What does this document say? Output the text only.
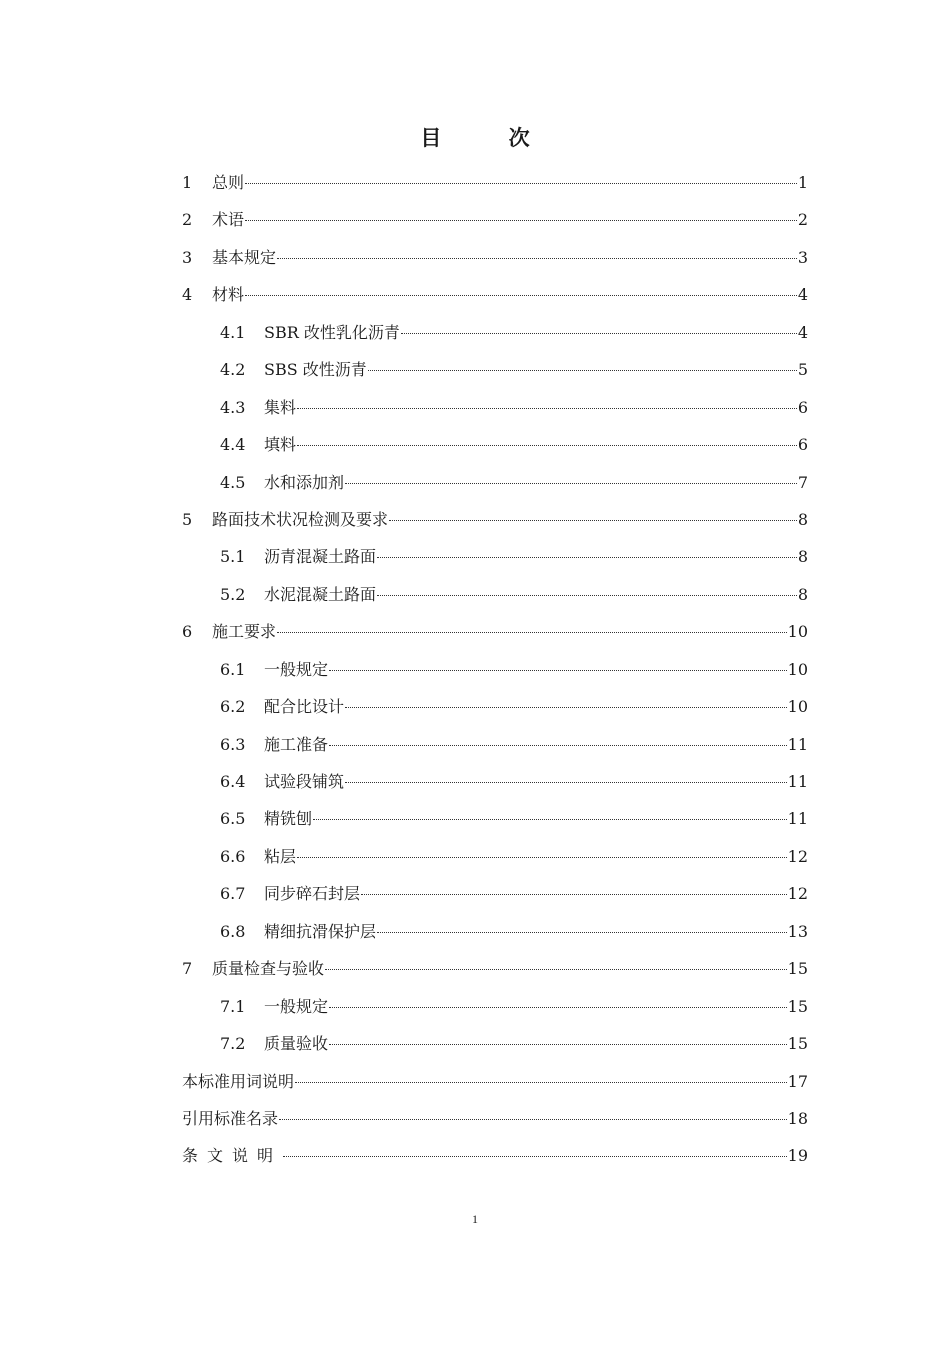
目 次
1	总则	1
2	术语	2
3	基本规定	3
4	材料	4
4.1	SBR 改性乳化沥青	4
4.2	SBS 改性沥青	5
4.3	集料	6
4.4	填料	6
4.5	水和添加剂	7
5	路面技术状况检测及要求	8
5.1	沥青混凝土路面	8
5.2	水泥混凝土路面	8
6	施工要求	10
6.1	一般规定	10
6.2	配合比设计	10
6.3	施工准备	11
6.4	试验段铺筑	11
6.5	精铣刨	11
6.6	粘层	12
6.7	同步碎石封层	12
6.8	精细抗滑保护层	13
7	质量检查与验收	15
7.1	一般规定	15
7.2	质量验收	15
本标准用词说明	17
引用标准名录	18
条文说明	19
1
